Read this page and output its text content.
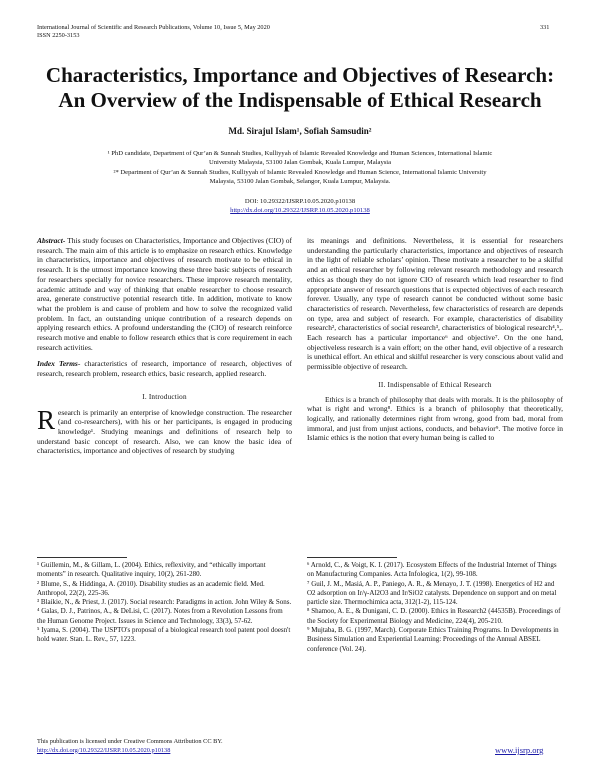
International Journal of Scientific and Research Publications, Volume 10, Issue 5, May 2020
ISSN 2250-3153
331
Characteristics, Importance and Objectives of Research:
An Overview of the Indispensable of Ethical Research
Md. Sirajul Islam¹, Sofiah Samsudin²
¹ PhD candidate, Department of Qur’an & Sunnah Studies, Kulliyyah of Islamic Revealed Knowledge and Human Sciences, International Islamic
University Malaysia, 53100 Jalan Gombak, Kuala Lumpur, Malaysia
²* Department of Qur’an & Sunnah Studies, Kulliyyah of Islamic Revealed Knowledge and Human Science, International Islamic University
Malaysia, 53100 Jalan Gombak, Selangor, Kuala Lumpur, Malaysia.
DOI: 10.29322/IJSRP.10.05.2020.p10138
http://dx.doi.org/10.29322/IJSRP.10.05.2020.p10138

Abstract- This study focuses on Characteristics, Importance and Objectives (CIO) of research. The main aim of this article is to emphasize on research ethics. Knowledge in characteristics, importance and objectives of research motivate to be ethical in research. It is the utmost importance knowing these three basic subjects of research for researchers specially for novice researchers. These improve research mentality, academic attitude and way of thinking that enable researcher to choose research area, generate constructive potential research title. In addition, motivate to know what the problem is and cause of problem and how to solve the recognized valid problem. In fact, an outstanding unique contribution of a research depends on applying research ethics. A profound understanding the (CIO) of research reinforce research motive and enable to follow research ethics that is core requirement in each research activities.

Index Terms- characteristics of research, importance of research, objectives of research, research problem, research ethics, basic research, applied research.

I. Introduction

Research is primarily an enterprise of knowledge construction. The researcher (and co-researchers), with his or her participants, is engaged in producing knowledge¹. Studying meanings and definitions of research help to understand basic concept of research. Also, we can know the basic idea of characteristics, importance and objectives of research by studying

its meanings and definitions. Nevertheless, it is essential for researchers understanding the particularly characteristics, importance and objectives of research in the light of reliable scholars’ opinion. These motivate a researcher to be a skilful and an ethical researcher by following relevant research methodology and research ethics as though they do not ignore CIO of research which lead researcher to find appropriate answer of research questions that is expected objectives of each research forever. Usually, any type of research cannot be conducted without some basic characteristics of research. Nevertheless, few characteristics of research are depends on type, area and subject of research. For example, characteristics of disability research², characteristics of social research³, characteristics of biological research⁴,⁵,. Each research has a particular importance⁶ and objective⁷. On the one hand, objectiveless research is a vain effort; on the other hand, evil objective of a research is unethical effort. An ethical and skilful researcher is very conscious about valid and permissible objective of research.

II. Indispensable of Ethical Research

Ethics is a branch of philosophy that deals with morals. It is the philosophy of what is right and wrong⁸. Ethics is a branch of philosophy that theoretically, logically, and rationally determines right from wrong, good from bad, moral from immoral, and just from unjust actions, conducts, and behavior⁹. The motive force in Islamic ethics is the notion that every human being is called to

¹ Guillemin, M., & Gillam, L. (2004). Ethics, reflexivity, and “ethically important moments” in research. Qualitative inquiry, 10(2), 261-280.

² Blume, S., & Hiddinga, A. (2010). Disability studies as an academic field. Med. Anthropol, 22(2), 225-36.

³ Blaikie, N., & Priest, J. (2017). Social research: Paradigms in action. John Wiley & Sons.

⁴ Galas, D. J., Patrinos, A., & DeLisi, C. (2017). Notes from a Revolution Lessons from the Human Genome Project. Issues in Science and Technology, 33(3), 57-62.

⁵ Iyama, S. (2004). The USPTO's proposal of a biological research tool patent pool doesn't hold water. Stan. L. Rev., 57, 1223.

⁶ Arnold, C., & Voigt, K. I. (2017). Ecosystem Effects of the Industrial Internet of Things on Manufacturing Companies. Acta Infologica, 1(2), 99-108.

⁷ Guil, J. M., Masiá, A. P., Paniego, A. R., & Menayo, J. T. (1998). Energetics of H2 and O2 adsorption on Ir/γ-Al2O3 and Ir/SiO2 catalysts. Dependence on support and on metal particle size. Thermochimica acta, 312(1-2), 115-124.

⁸ Shamoo, A. E., & Dunigani, C. D. (2000). Ethics in Research2 (44535B). Proceedings of the Society for Experimental Biology and Medicine, 224(4), 205-210.

⁹ Mujtaba, B. G. (1997, March). Corporate Ethics Training Programs. In Developments in Business Simulation and Experiential Learning: Proceedings of the Annual ABSEL conference (Vol. 24).

This publication is licensed under Creative Commons Attribution CC BY.
http://dx.doi.org/10.29322/IJSRP.10.05.2020.p10138	www.ijsrp.org
